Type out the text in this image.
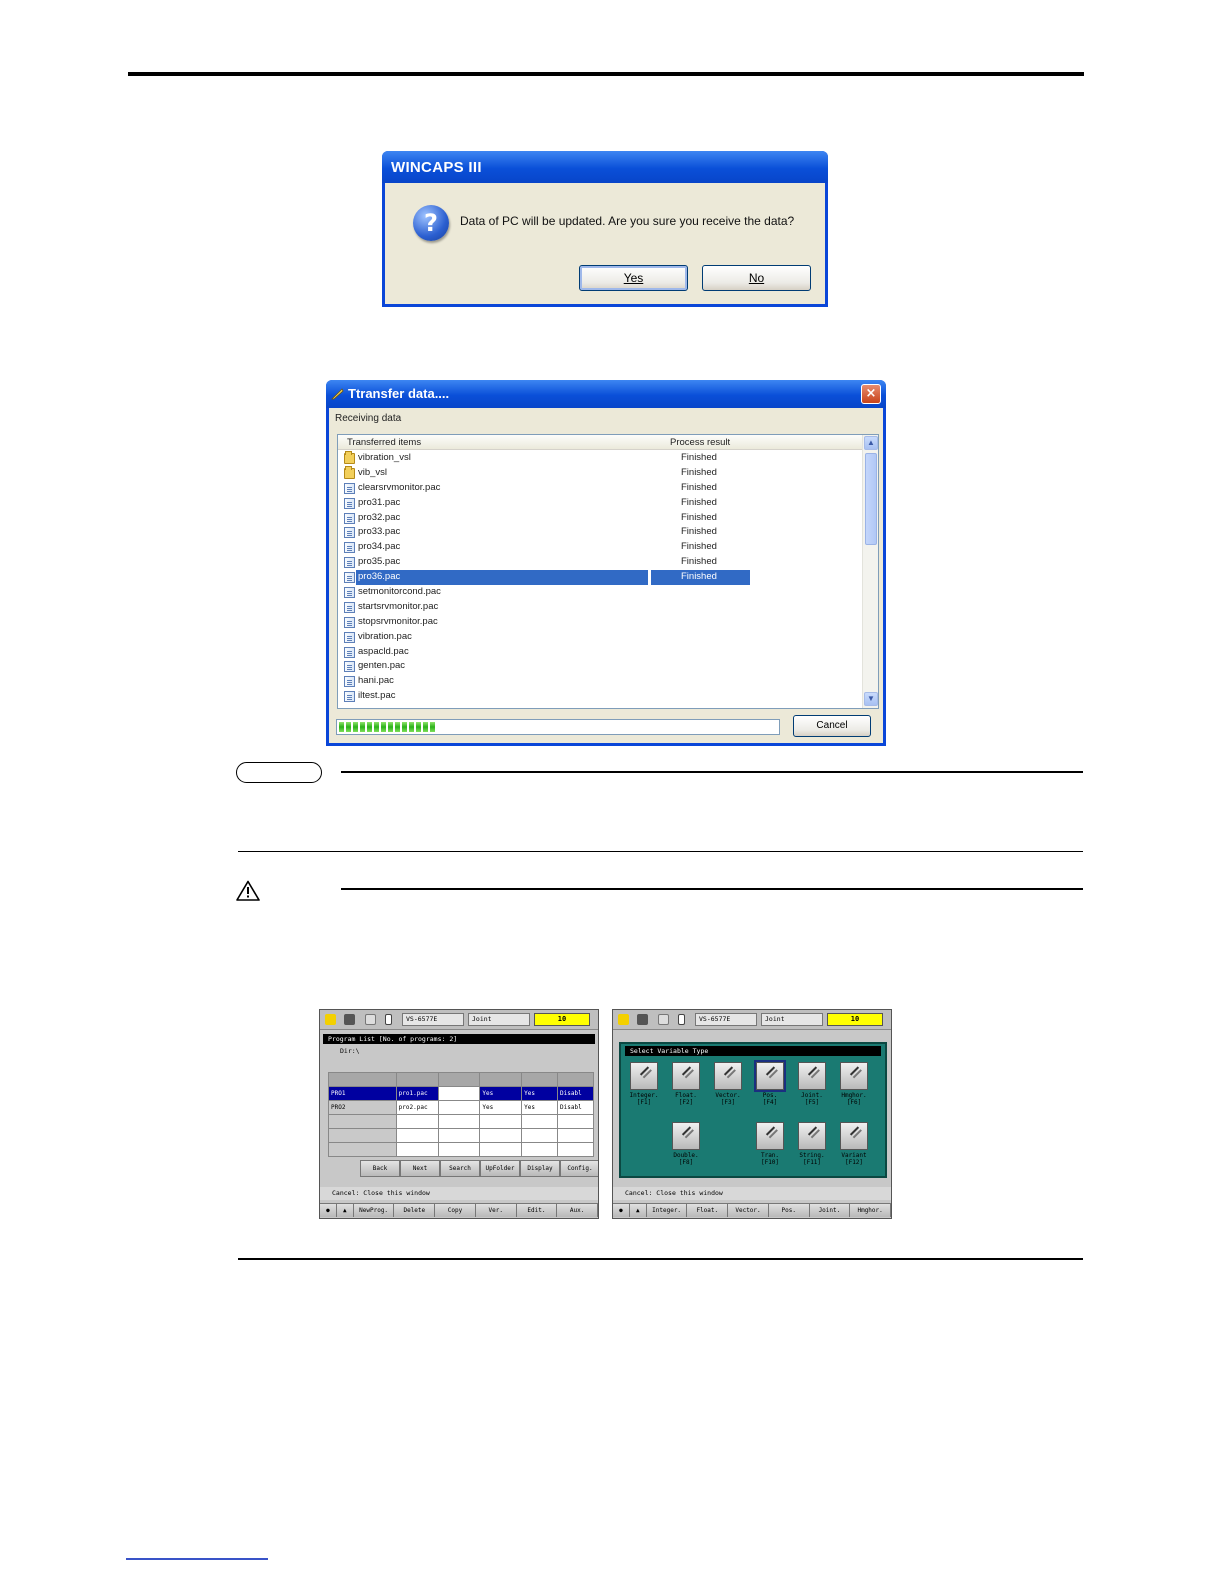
WINCAPS III
?	Data of PC will be updated. Are you sure you receive the data?
Yes	No
Ttransfer data....	×
Receiving data
Transferred items	Process result
vibration_vsl	Finished
vib_vsl	Finished
clearsrvmonitor.pac	Finished
pro31.pac	Finished
pro32.pac	Finished
pro33.pac	Finished
pro34.pac	Finished
pro35.pac	Finished
pro36.pac	Finished
setmonitorcond.pac
startsrvmonitor.pac
stopsrvmonitor.pac
vibration.pac
aspacld.pac
genten.pac
hani.pac
iltest.pac
▲
▼
Cancel
VS-6577E	Joint	10
Program List [No. of programs: 2]
Dir:\

PRO1	pro1.pac		Yes	Yes	Disabl
PRO2	pro2.pac		Yes	Yes	Disabl

Back	Next	Search	UpFolder	Display	Config.
Cancel: Close this window
●	▲	NewProg.	Delete	Copy	Ver.	Edit.	Aux.
VS-6577E	Joint	10
Select Variable Type
Integer.
[F1]
Float.
[F2]
Vector.
[F3]
Pos.
[F4]
Joint.
[F5]
Hmghor.
[F6]
Double.
[F8]
Tran.
[F10]
String.
[F11]
Variant
[F12]
Cancel: Close this window
●	▲	Integer.	Float.	Vector.	Pos.	Joint.	Hmghor.
